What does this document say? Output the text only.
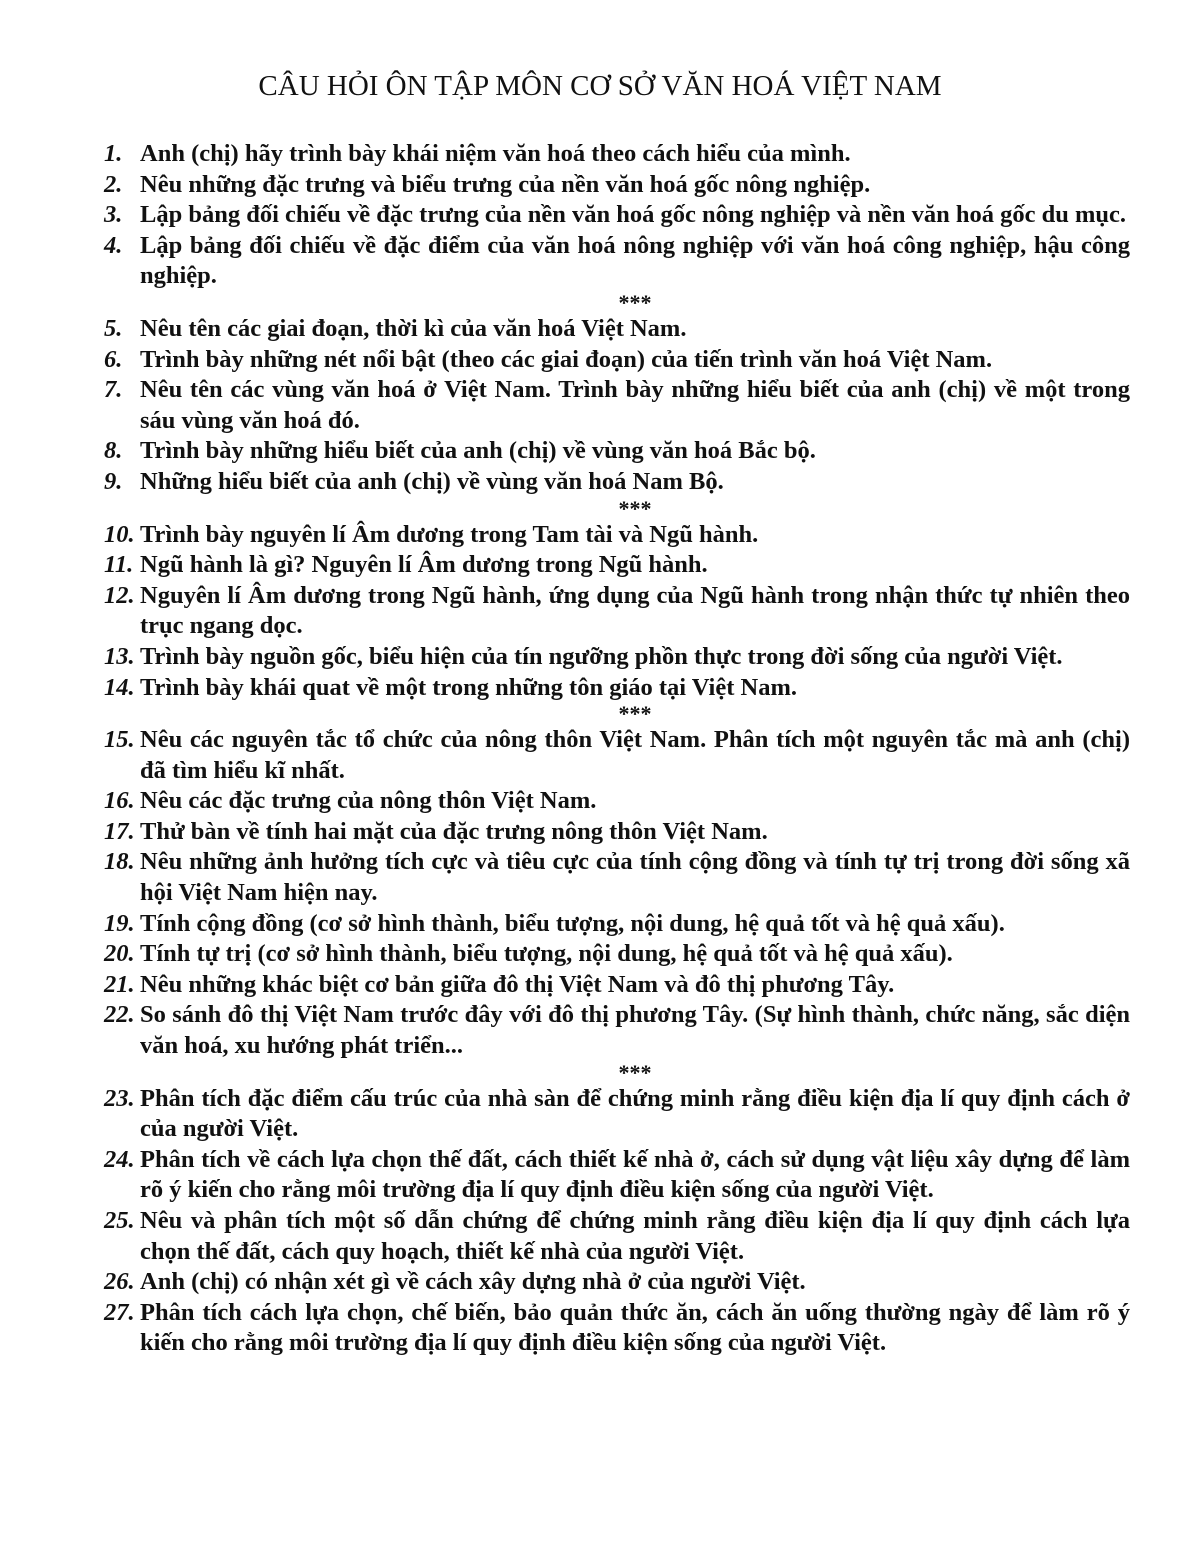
CÂU HỎI ÔN TẬP MÔN CƠ SỞ VĂN HOÁ VIỆT NAM
1. Anh (chị) hãy trình bày khái niệm văn hoá theo cách hiểu của mình.
2. Nêu những đặc trưng và biểu trưng của nền văn hoá gốc nông nghiệp.
3. Lập bảng đối chiếu về đặc trưng của nền văn hoá gốc nông nghiệp và nền văn hoá gốc du mục.
4. Lập bảng đối chiếu về đặc điểm của văn hoá nông nghiệp với văn hoá công nghiệp, hậu công nghiệp.
***
5. Nêu tên các giai đoạn, thời kì của văn hoá Việt Nam.
6. Trình bày những nét nổi bật (theo các giai đoạn) của tiến trình văn hoá Việt Nam.
7. Nêu tên các vùng văn hoá ở Việt Nam. Trình bày những hiểu biết của anh (chị) về một trong sáu vùng văn hoá đó.
8. Trình bày những hiểu biết của anh (chị) về vùng văn hoá Bắc bộ.
9. Những hiểu biết của anh (chị) về vùng văn hoá Nam Bộ.
***
10. Trình bày nguyên lí Âm dương trong Tam tài và Ngũ hành.
11. Ngũ hành là gì? Nguyên lí Âm dương trong Ngũ hành.
12. Nguyên lí Âm dương trong Ngũ hành, ứng dụng của Ngũ hành trong nhận thức tự nhiên theo trục ngang dọc.
13. Trình bày nguồn gốc, biểu hiện của tín ngưỡng phồn thực trong đời sống của người Việt.
14. Trình bày khái quat về một trong những tôn giáo tại Việt Nam.
***
15. Nêu các nguyên tắc tổ chức của nông thôn Việt Nam. Phân tích một nguyên tắc mà anh (chị) đã tìm hiểu kĩ nhất.
16. Nêu các đặc trưng của nông thôn Việt Nam.
17. Thử bàn về tính hai mặt của đặc trưng nông thôn Việt Nam.
18. Nêu những ảnh hưởng tích cực và tiêu cực của tính cộng đồng và tính tự trị trong đời sống xã hội Việt Nam hiện nay.
19. Tính cộng đồng (cơ sở hình thành, biểu tượng, nội dung, hệ quả tốt và hệ quả xấu).
20. Tính tự trị (cơ sở hình thành, biểu tượng, nội dung, hệ quả tốt và hệ quả xấu).
21. Nêu những khác biệt cơ bản giữa đô thị Việt Nam và đô thị phương Tây.
22. So sánh đô thị Việt Nam trước đây với đô thị phương Tây. (Sự hình thành, chức năng, sắc diện văn hoá, xu hướng phát triển...
***
23. Phân tích đặc điểm cấu trúc của nhà sàn để chứng minh rằng điều kiện địa lí quy định cách ở của người Việt.
24. Phân tích về cách lựa chọn thế đất, cách thiết kế nhà ở, cách sử dụng vật liệu xây dựng để làm rõ ý kiến cho rằng môi trường địa lí quy định điều kiện sống của người Việt.
25. Nêu và phân tích một số dẫn chứng để chứng minh rằng điều kiện địa lí quy định cách lựa chọn thế đất, cách quy hoạch, thiết kế nhà của người Việt.
26. Anh (chị) có nhận xét gì về cách xây dựng nhà ở của người Việt.
27. Phân tích cách lựa chọn, chế biến, bảo quản thức ăn, cách ăn uống thường ngày để làm rõ ý kiến cho rằng môi trường địa lí quy định điều kiện sống của người Việt.
